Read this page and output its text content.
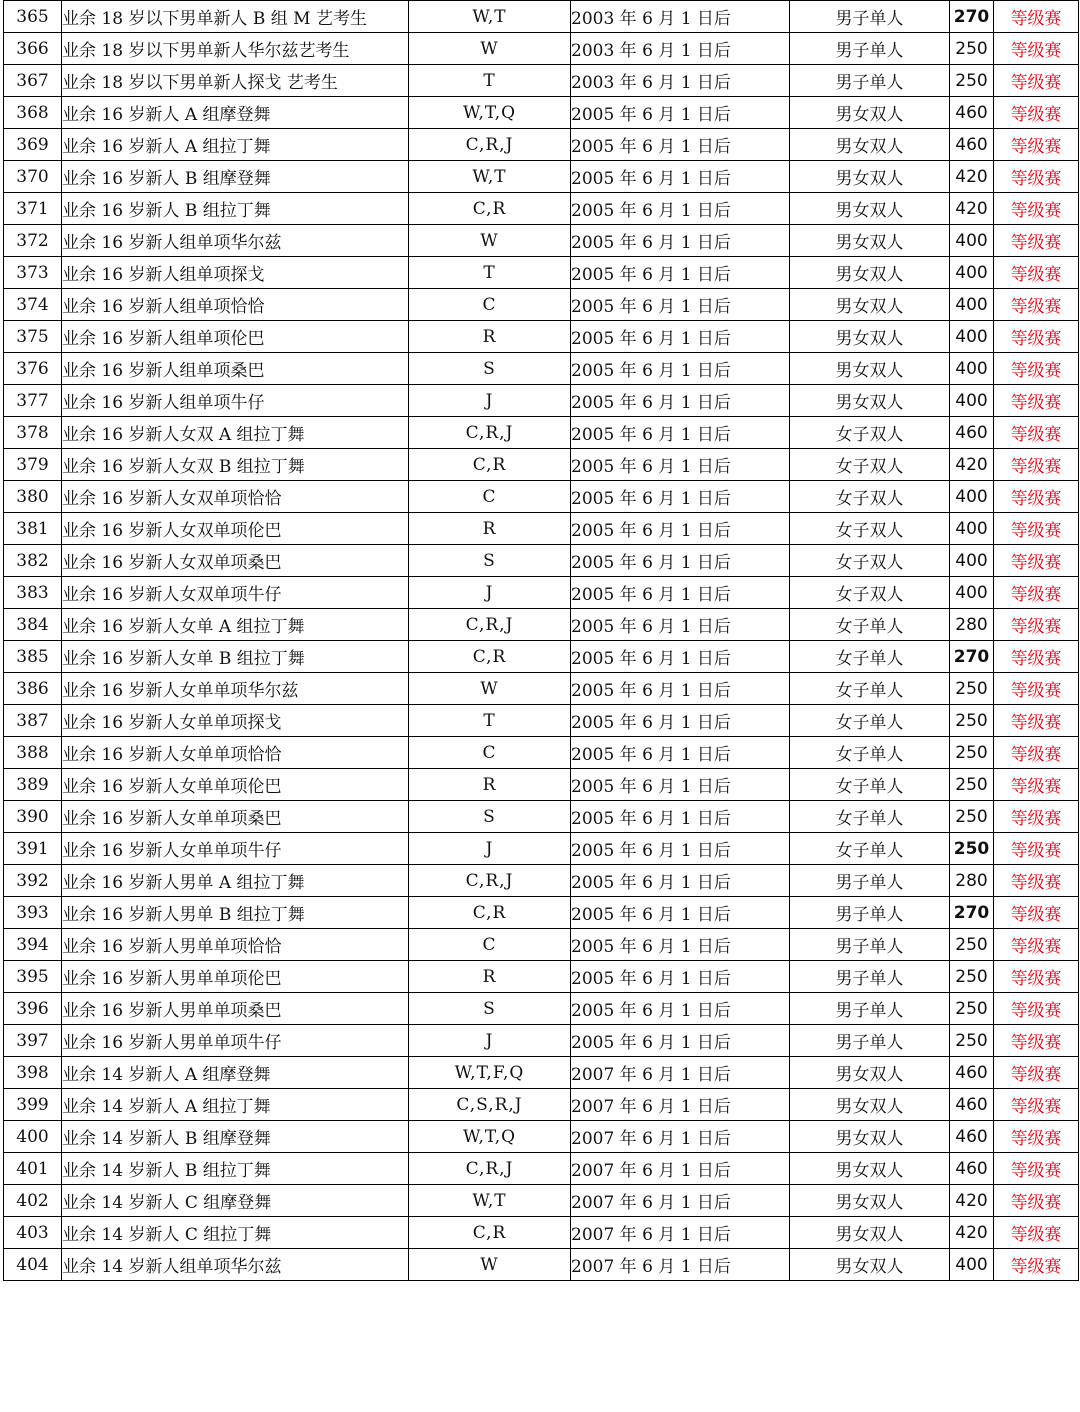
365	业余 18 岁以下男单新人 B 组 M 艺考生	W,T	2003 年 6 月 1 日后	男子单人	270	等级赛
366	业余 18 岁以下男单新人华尔兹艺考生	W	2003 年 6 月 1 日后	男子单人	250	等级赛
367	业余 18 岁以下男单新人探戈 艺考生	T	2003 年 6 月 1 日后	男子单人	250	等级赛
368	业余 16 岁新人 A 组摩登舞	W,T,Q	2005 年 6 月 1 日后	男女双人	460	等级赛
369	业余 16 岁新人 A 组拉丁舞	C,R,J	2005 年 6 月 1 日后	男女双人	460	等级赛
370	业余 16 岁新人 B 组摩登舞	W,T	2005 年 6 月 1 日后	男女双人	420	等级赛
371	业余 16 岁新人 B 组拉丁舞	C,R	2005 年 6 月 1 日后	男女双人	420	等级赛
372	业余 16 岁新人组单项华尔兹	W	2005 年 6 月 1 日后	男女双人	400	等级赛
373	业余 16 岁新人组单项探戈	T	2005 年 6 月 1 日后	男女双人	400	等级赛
374	业余 16 岁新人组单项恰恰	C	2005 年 6 月 1 日后	男女双人	400	等级赛
375	业余 16 岁新人组单项伦巴	R	2005 年 6 月 1 日后	男女双人	400	等级赛
376	业余 16 岁新人组单项桑巴	S	2005 年 6 月 1 日后	男女双人	400	等级赛
377	业余 16 岁新人组单项牛仔	J	2005 年 6 月 1 日后	男女双人	400	等级赛
378	业余 16 岁新人女双 A 组拉丁舞	C,R,J	2005 年 6 月 1 日后	女子双人	460	等级赛
379	业余 16 岁新人女双 B 组拉丁舞	C,R	2005 年 6 月 1 日后	女子双人	420	等级赛
380	业余 16 岁新人女双单项恰恰	C	2005 年 6 月 1 日后	女子双人	400	等级赛
381	业余 16 岁新人女双单项伦巴	R	2005 年 6 月 1 日后	女子双人	400	等级赛
382	业余 16 岁新人女双单项桑巴	S	2005 年 6 月 1 日后	女子双人	400	等级赛
383	业余 16 岁新人女双单项牛仔	J	2005 年 6 月 1 日后	女子双人	400	等级赛
384	业余 16 岁新人女单 A 组拉丁舞	C,R,J	2005 年 6 月 1 日后	女子单人	280	等级赛
385	业余 16 岁新人女单 B 组拉丁舞	C,R	2005 年 6 月 1 日后	女子单人	270	等级赛
386	业余 16 岁新人女单单项华尔兹	W	2005 年 6 月 1 日后	女子单人	250	等级赛
387	业余 16 岁新人女单单项探戈	T	2005 年 6 月 1 日后	女子单人	250	等级赛
388	业余 16 岁新人女单单项恰恰	C	2005 年 6 月 1 日后	女子单人	250	等级赛
389	业余 16 岁新人女单单项伦巴	R	2005 年 6 月 1 日后	女子单人	250	等级赛
390	业余 16 岁新人女单单项桑巴	S	2005 年 6 月 1 日后	女子单人	250	等级赛
391	业余 16 岁新人女单单项牛仔	J	2005 年 6 月 1 日后	女子单人	250	等级赛
392	业余 16 岁新人男单 A 组拉丁舞	C,R,J	2005 年 6 月 1 日后	男子单人	280	等级赛
393	业余 16 岁新人男单 B 组拉丁舞	C,R	2005 年 6 月 1 日后	男子单人	270	等级赛
394	业余 16 岁新人男单单项恰恰	C	2005 年 6 月 1 日后	男子单人	250	等级赛
395	业余 16 岁新人男单单项伦巴	R	2005 年 6 月 1 日后	男子单人	250	等级赛
396	业余 16 岁新人男单单项桑巴	S	2005 年 6 月 1 日后	男子单人	250	等级赛
397	业余 16 岁新人男单单项牛仔	J	2005 年 6 月 1 日后	男子单人	250	等级赛
398	业余 14 岁新人 A 组摩登舞	W,T,F,Q	2007 年 6 月 1 日后	男女双人	460	等级赛
399	业余 14 岁新人 A 组拉丁舞	C,S,R,J	2007 年 6 月 1 日后	男女双人	460	等级赛
400	业余 14 岁新人 B 组摩登舞	W,T,Q	2007 年 6 月 1 日后	男女双人	460	等级赛
401	业余 14 岁新人 B 组拉丁舞	C,R,J	2007 年 6 月 1 日后	男女双人	460	等级赛
402	业余 14 岁新人 C 组摩登舞	W,T	2007 年 6 月 1 日后	男女双人	420	等级赛
403	业余 14 岁新人 C 组拉丁舞	C,R	2007 年 6 月 1 日后	男女双人	420	等级赛
404	业余 14 岁新人组单项华尔兹	W	2007 年 6 月 1 日后	男女双人	400	等级赛
